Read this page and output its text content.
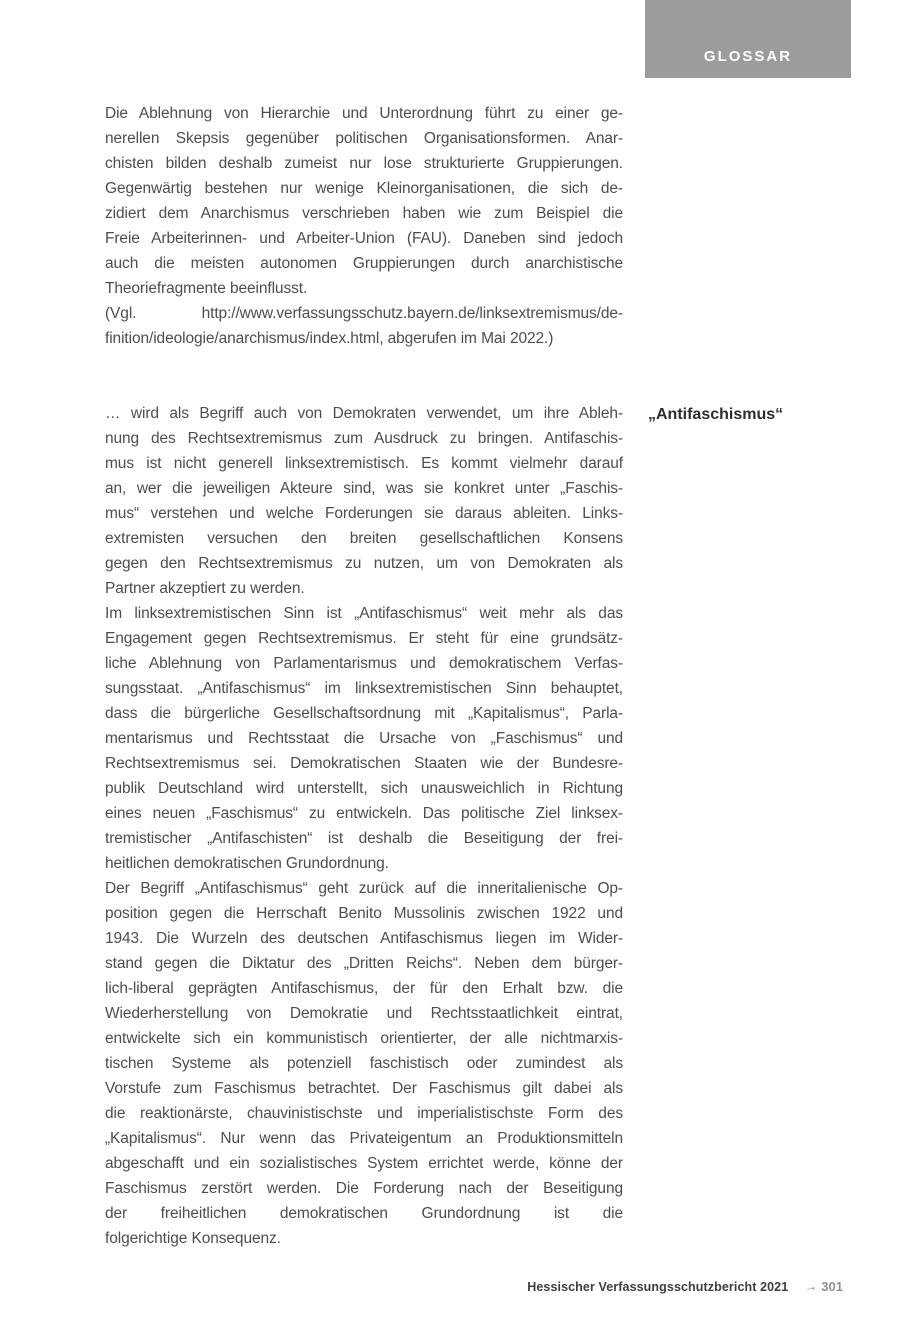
GLOSSAR
Die Ablehnung von Hierarchie und Unterordnung führt zu einer ge-
nerellen Skepsis gegenüber politischen Organisationsformen. Anar-
chisten bilden deshalb zumeist nur lose strukturierte Gruppierungen.
Gegenwärtig bestehen nur wenige Kleinorganisationen, die sich de-
zidiert dem Anarchismus verschrieben haben wie zum Beispiel die
Freie Arbeiterinnen- und Arbeiter-Union (FAU). Daneben sind jedoch
auch die meisten autonomen Gruppierungen durch anarchistische
Theoriefragmente beeinflusst.
(Vgl. http://www.verfassungsschutz.bayern.de/linksextremismus/de-
finition/ideologie/anarchismus/index.html, abgerufen im Mai 2022.)
„Antifaschismus“
… wird als Begriff auch von Demokraten verwendet, um ihre Ableh-
nung des Rechtsextremismus zum Ausdruck zu bringen. Antifaschis-
mus ist nicht generell linksextremistisch. Es kommt vielmehr darauf
an, wer die jeweiligen Akteure sind, was sie konkret unter „Faschis-
mus“ verstehen und welche Forderungen sie daraus ableiten. Links-
extremisten versuchen den breiten gesellschaftlichen Konsens
gegen den Rechtsextremismus zu nutzen, um von Demokraten als
Partner akzeptiert zu werden.
Im linksextremistischen Sinn ist „Antifaschismus“ weit mehr als das
Engagement gegen Rechtsextremismus. Er steht für eine grundsätz-
liche Ablehnung von Parlamentarismus und demokratischem Verfas-
sungsstaat. „Antifaschismus“ im linksextremistischen Sinn behauptet,
dass die bürgerliche Gesellschaftsordnung mit „Kapitalismus“, Parla-
mentarismus und Rechtsstaat die Ursache von „Faschismus“ und
Rechtsextremismus sei. Demokratischen Staaten wie der Bundesre-
publik Deutschland wird unterstellt, sich unausweichlich in Richtung
eines neuen „Faschismus“ zu entwickeln. Das politische Ziel linksex-
tremistischer „Antifaschisten“ ist deshalb die Beseitigung der frei-
heitlichen demokratischen Grundordnung.
Der Begriff „Antifaschismus“ geht zurück auf die inneritalienische Op-
position gegen die Herrschaft Benito Mussolinis zwischen 1922 und
1943. Die Wurzeln des deutschen Antifaschismus liegen im Wider-
stand gegen die Diktatur des „Dritten Reichs“. Neben dem bürger-
lich-liberal geprägten Antifaschismus, der für den Erhalt bzw. die
Wiederherstellung von Demokratie und Rechtsstaatlichkeit eintrat,
entwickelte sich ein kommunistisch orientierter, der alle nichtmarxis-
tischen Systeme als potenziell faschistisch oder zumindest als
Vorstufe zum Faschismus betrachtet. Der Faschismus gilt dabei als
die reaktionärste, chauvinistischste und imperialistischste Form des
„Kapitalismus“. Nur wenn das Privateigentum an Produktionsmitteln
abgeschafft und ein sozialistisches System errichtet werde, könne der
Faschismus zerstört werden. Die Forderung nach der Beseitigung
der freiheitlichen demokratischen Grundordnung ist die
folgerichtige Konsequenz.
Hessischer Verfassungsschutzbericht 2021 → 301
